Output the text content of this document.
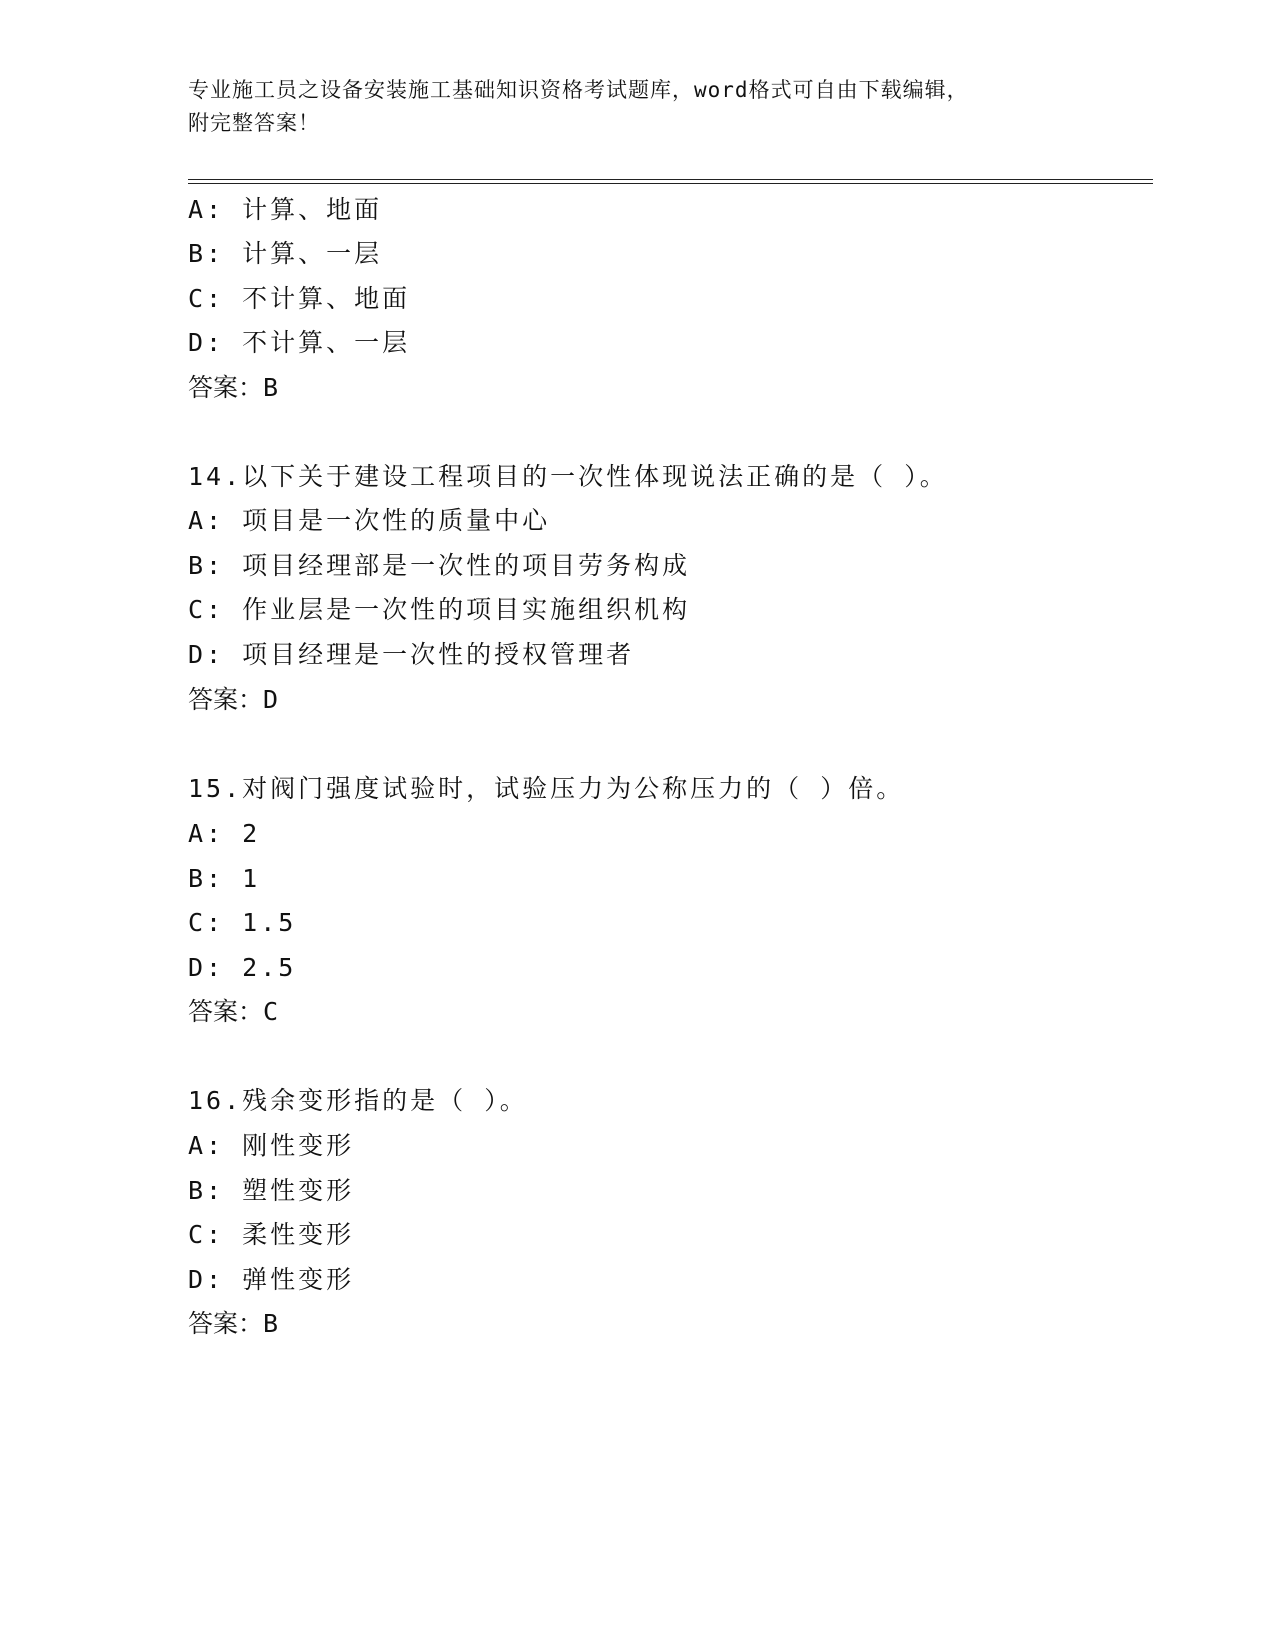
专业施工员之设备安装施工基础知识资格考试题库，word格式可自由下载编辑，
附完整答案！
A: 计算、地面
B: 计算、一层
C: 不计算、地面
D: 不计算、一层
答案：B
14.以下关于建设工程项目的一次性体现说法正确的是（ ）。
A: 项目是一次性的质量中心
B: 项目经理部是一次性的项目劳务构成
C: 作业层是一次性的项目实施组织机构
D: 项目经理是一次性的授权管理者
答案：D
15.对阀门强度试验时，试验压力为公称压力的（ ）倍。
A: 2
B: 1
C: 1.5
D: 2.5
答案：C
16.残余变形指的是（ ）。
A: 刚性变形
B: 塑性变形
C: 柔性变形
D: 弹性变形
答案：B
